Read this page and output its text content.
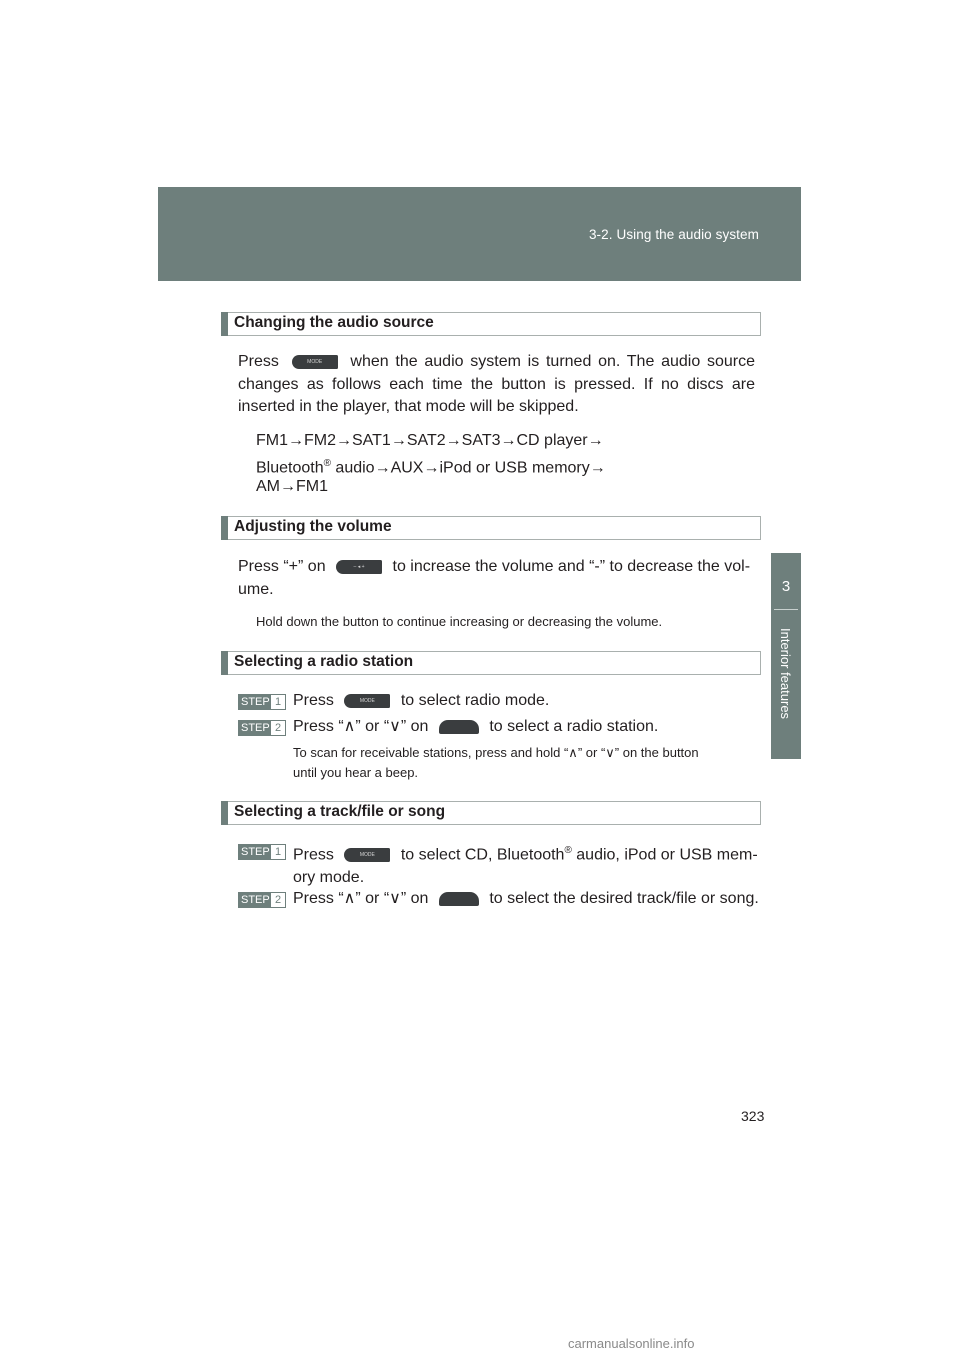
3-2. Using the audio system
3
Interior features
Changing the audio source

Press	MODE when the audio system is turned on. The audio source changes as follows each time the button is pressed. If no discs are inserted in the player, that mode will be skipped.

FM1→FM2→SAT1→SAT2→SAT3→CD player→

Bluetooth® audio→AUX→iPod or USB memory→

AM→FM1

Adjusting the volume

Press “+” on	– ◂ + to increase the volume and “-” to decrease the vol-
ume.

Hold down the button to continue increasing or decreasing the volume.

Selecting a radio station
STEP 1 Press	MODE to select radio mode.

STEP 2 Press “∧” or “∨” on	to select a radio station.

To scan for receivable stations, press and hold “∧” or “∨” on the button

until you hear a beep.

Selecting a track/file or song
STEP 1 Press	MODE to select CD, Bluetooth® audio, iPod or USB mem-
ory mode.

STEP 2 Press “∧” or “∨” on	to select the desired track/file or song.

323
carmanualsonline.info
